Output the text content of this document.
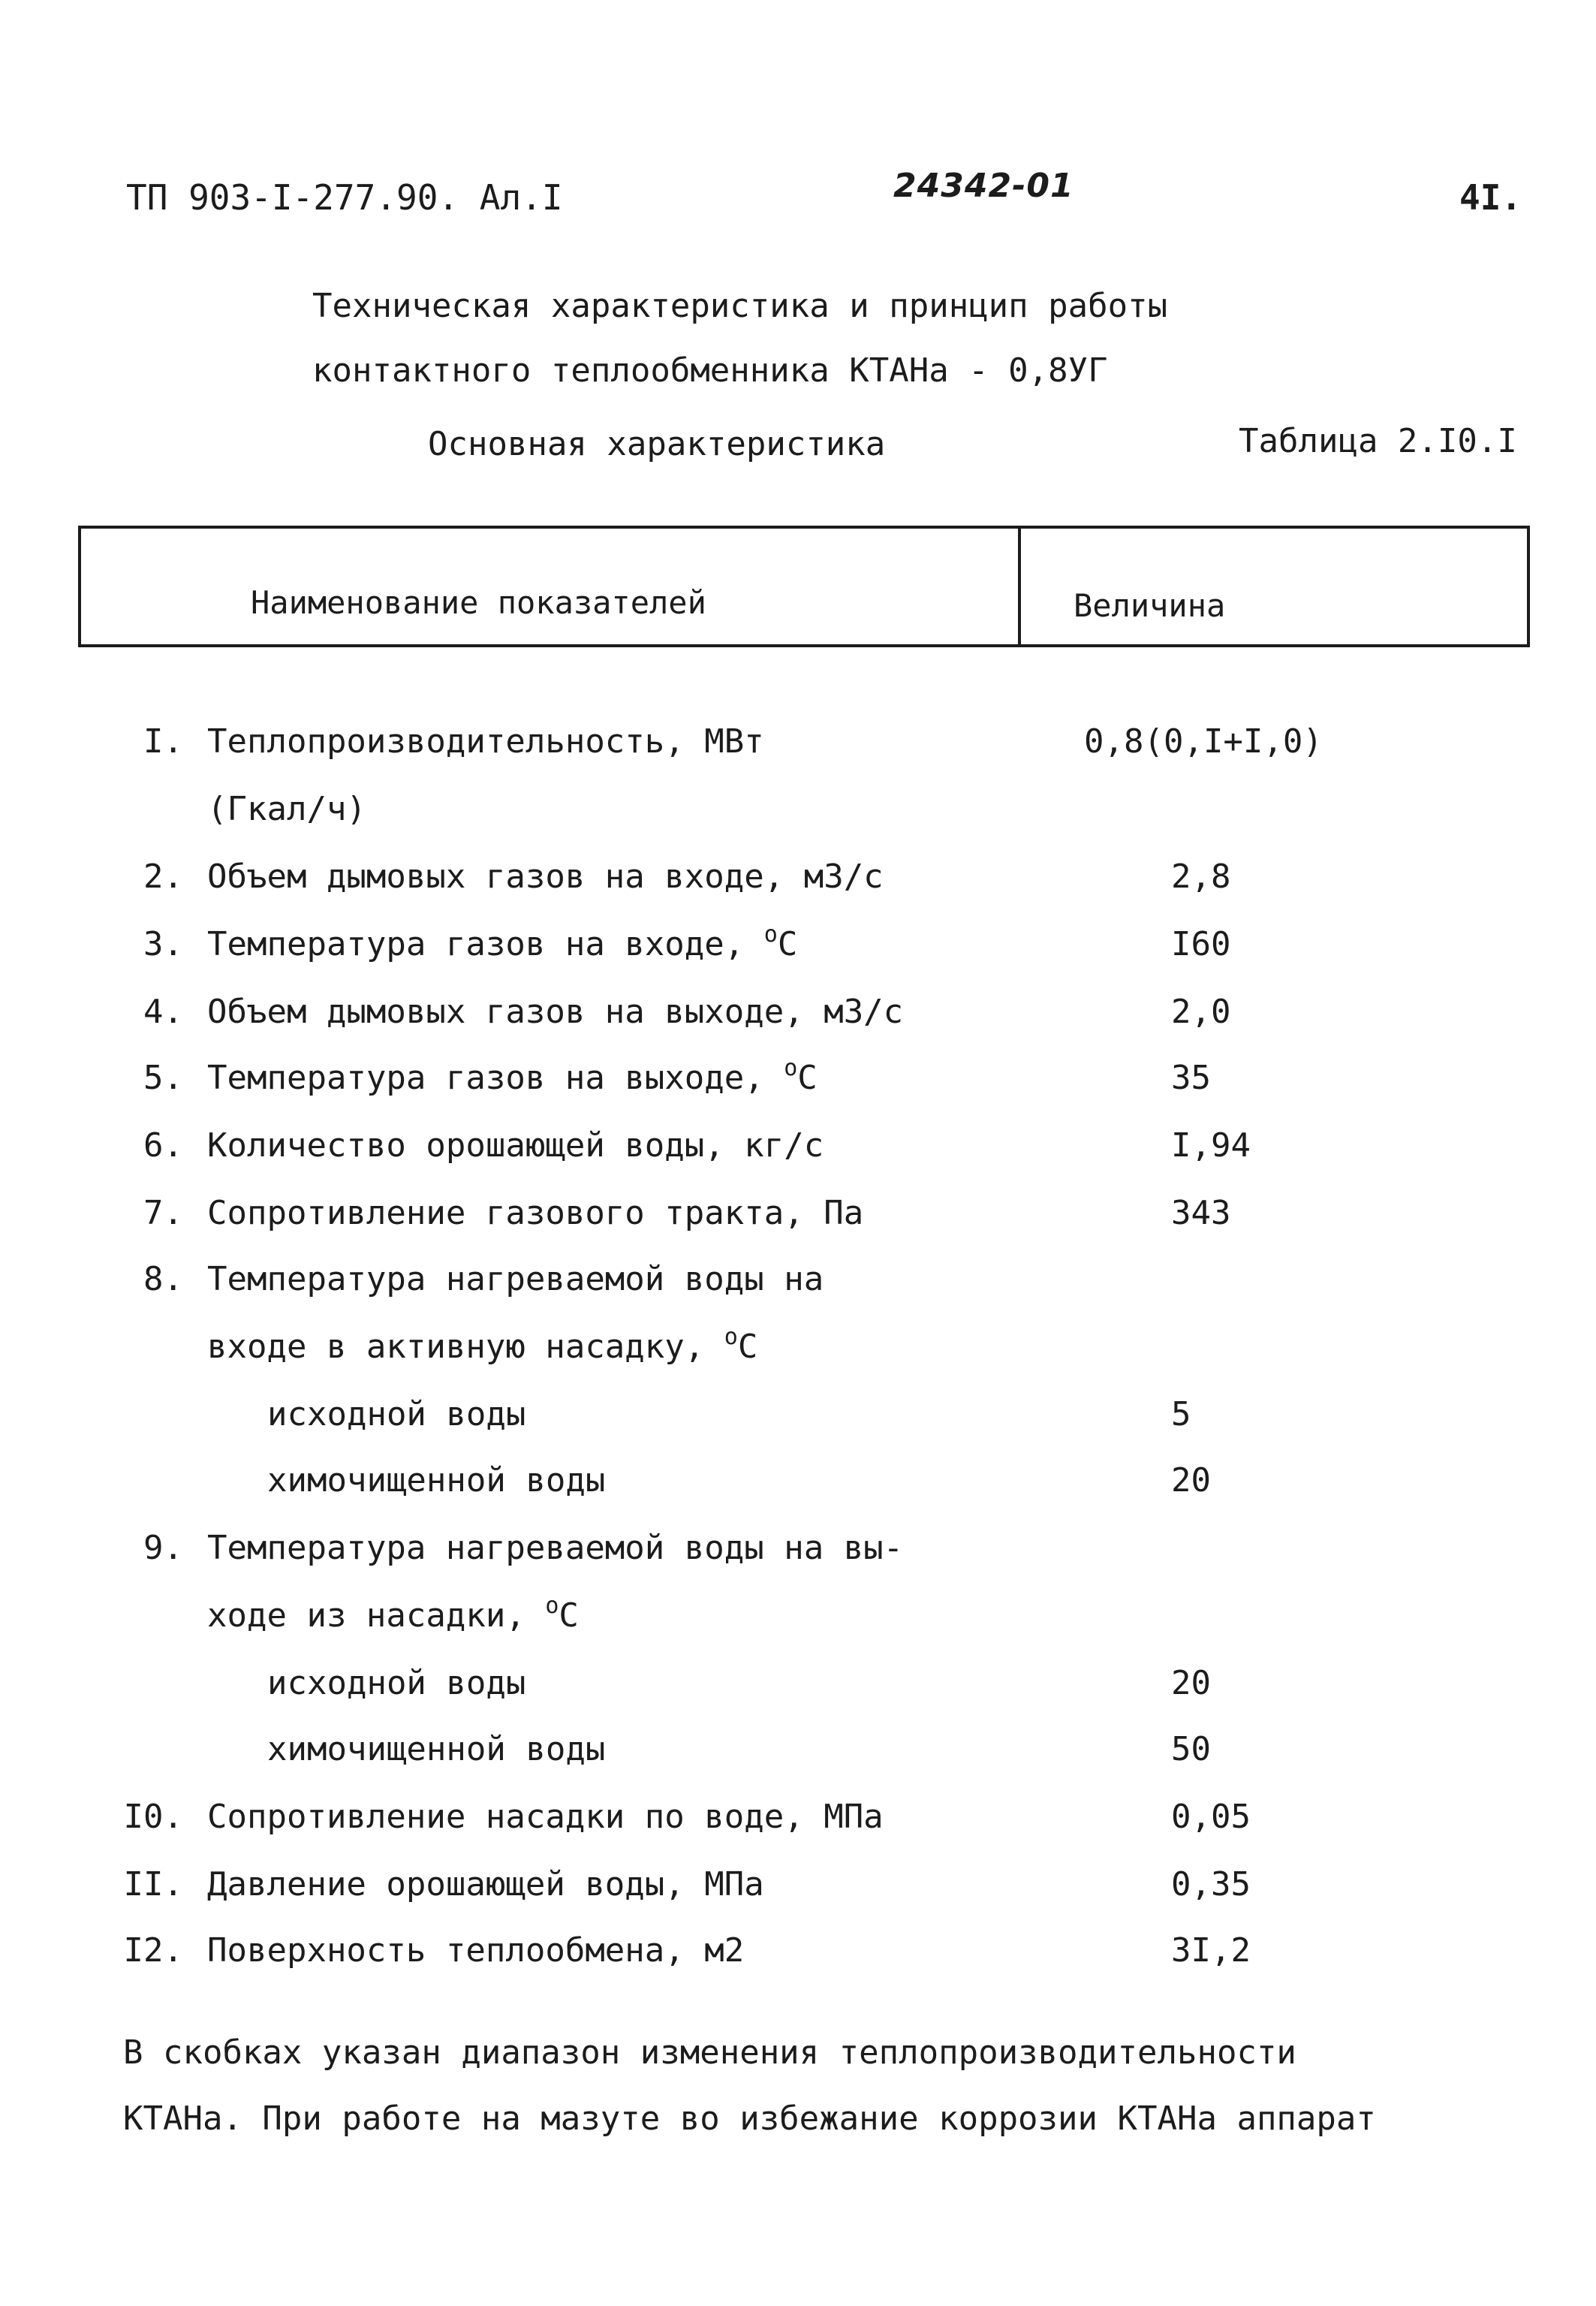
ТП 903-I-277.90. Ал.I	24342-01	4I.
Техническая характеристика и принцип работы
контактного теплообменника КТАНа - 0,8УГ
Основная характеристика	Таблица 2.I0.I
Наименование показателей	Величина
I. Теплопроизводительность, МВт	0,8(0,I+I,0)
(Гкал/ч)
2. Объем дымовых газов на входе, м3/с	2,8
3. Температура газов на входе, $^o$C	I60
4. Объем дымовых газов на выходе, м3/с	2,0
5. Температура газов на выходе, $^o$C	35
6. Количество орошающей воды, кг/с	I,94
7. Сопротивление газового тракта, Па	343
8. Температура нагреваемой воды на
входе в активную насадку, $^o$C
исходной воды	5
химочищенной воды	20
9. Температура нагреваемой воды на вы-
ходе из насадки, $^o$C
исходной воды	20
химочищенной воды	50
I0. Сопротивление насадки по воде, МПа	0,05
II. Давление орошающей воды, МПа	0,35
I2. Поверхность теплообмена, м2	3I,2
В скобках указан диапазон изменения теплопроизводительности
КТАНа. При работе на мазуте во избежание коррозии КТАНа аппарат
